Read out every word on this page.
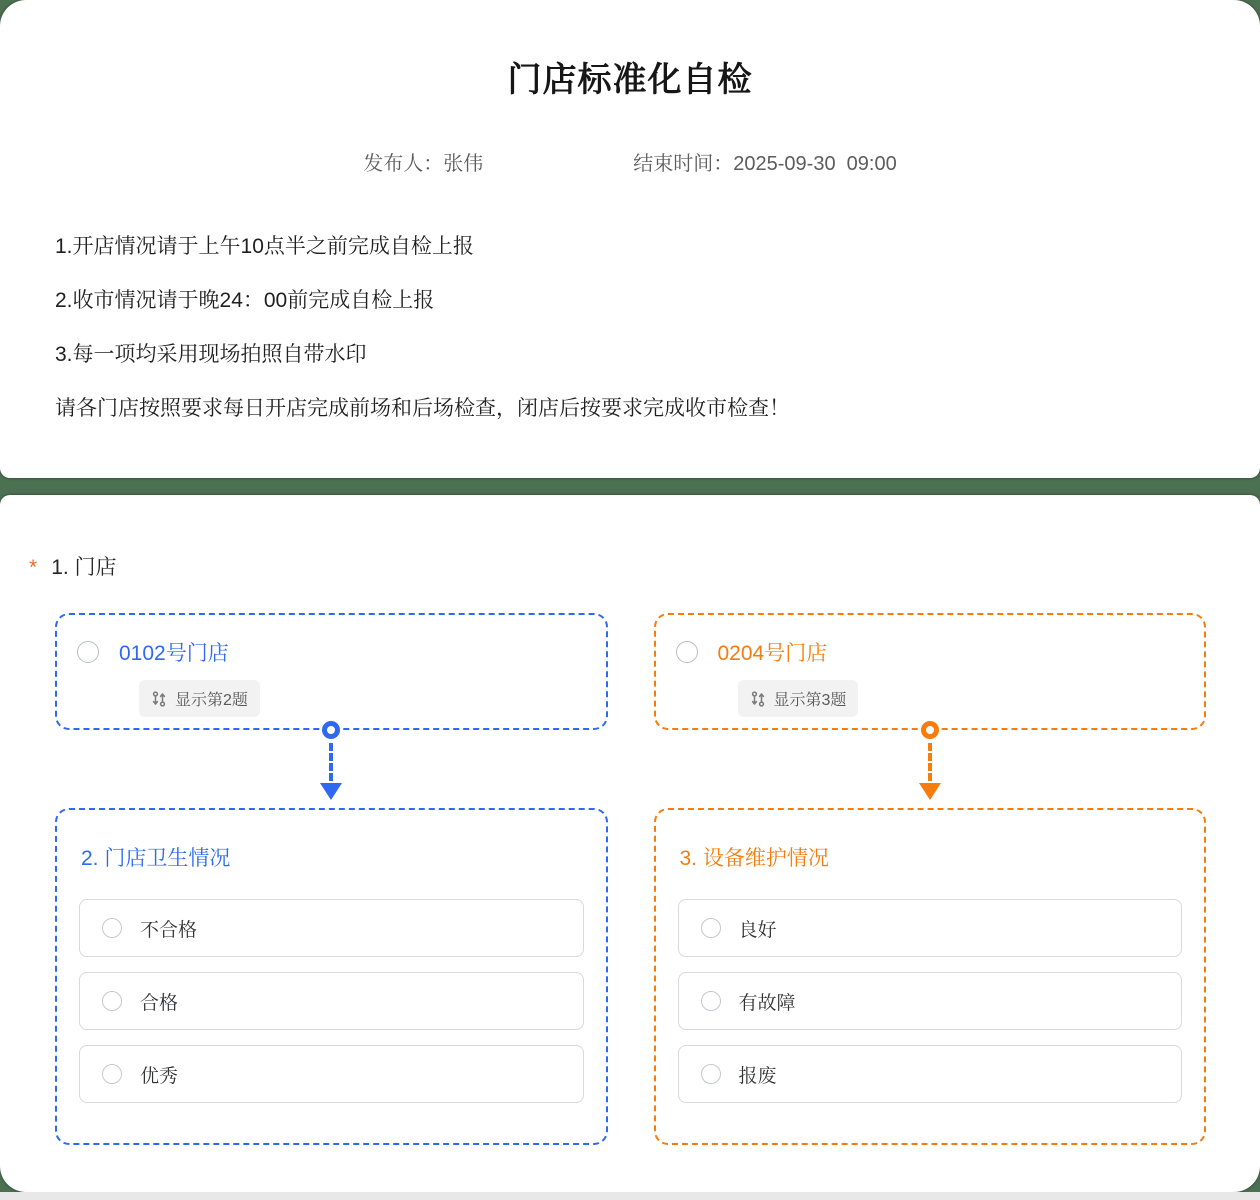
门店标准化自检
发布人：张伟	结束时间：2025-09-30  09:00

1.开店情况请于上午10点半之前完成自检上报

2.收市情况请于晚24：00前完成自检上报

3.每一项均采用现场拍照自带水印

请各门店按照要求每日开店完成前场和后场检查，闭店后按要求完成收市检查！

* 1. 门店
0102号门店
显示第2题
2. 门店卫生情况
不合格
合格
优秀
0204号门店
显示第3题
3. 设备维护情况
良好
有故障
报废
